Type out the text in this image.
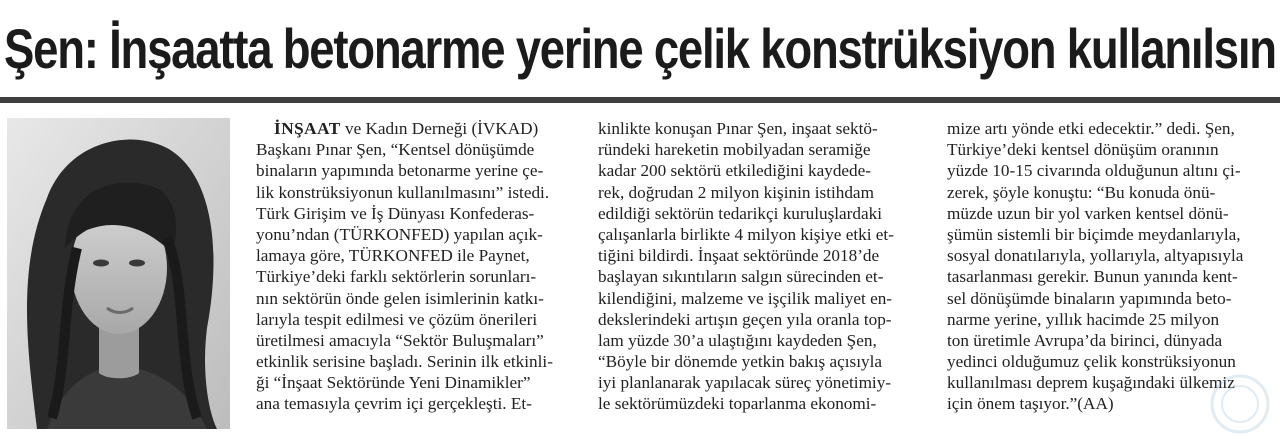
Şen: İnşaatta betonarme yerine çelik konstrüksiyon kullanılsın
İNŞAAT ve Kadın Derneği (İVKAD)
Başkanı Pınar Şen, “Kentsel dönüşümde
binaların yapımında betonarme yerine çe-
lik konstrüksiyonun kullanılmasını” istedi.
Türk Girişim ve İş Dünyası Konfederas-
yonu’ndan (TÜRKONFED) yapılan açık-
lamaya göre, TÜRKONFED ile Paynet,
Türkiye’deki farklı sektörlerin sorunları-
nın sektörün önde gelen isimlerinin katkı-
larıyla tespit edilmesi ve çözüm önerileri
üretilmesi amacıyla “Sektör Buluşmaları”
etkinlik serisine başladı. Serinin ilk etkinli-
ği “İnşaat Sektöründe Yeni Dinamikler”
ana temasıyla çevrim içi gerçekleşti. Et-
kinlikte konuşan Pınar Şen, inşaat sektö-
ründeki hareketin mobilyadan seramiğe
kadar 200 sektörü etkilediğini kaydede-
rek, doğrudan 2 milyon kişinin istihdam
edildiği sektörün tedarikçi kuruluşlardaki
çalışanlarla birlikte 4 milyon kişiye etki et-
tiğini bildirdi. İnşaat sektöründe 2018’de
başlayan sıkıntıların salgın sürecinden et-
kilendiğini, malzeme ve işçilik maliyet en-
dekslerindeki artışın geçen yıla oranla top-
lam yüzde 30’a ulaştığını kaydeden Şen,
“Böyle bir dönemde yetkin bakış açısıyla
iyi planlanarak yapılacak süreç yönetimiy-
le sektörümüzdeki toparlanma ekonomi-
mize artı yönde etki edecektir.” dedi. Şen,
Türkiye’deki kentsel dönüşüm oranının
yüzde 10-15 civarında olduğunun altını çi-
zerek, şöyle konuştu: “Bu konuda önü-
müzde uzun bir yol varken kentsel dönü-
şümün sistemli bir biçimde meydanlarıyla,
sosyal donatılarıyla, yollarıyla, altyapısıyla
tasarlanması gerekir. Bunun yanında kent-
sel dönüşümde binaların yapımında beto-
narme yerine, yıllık hacimde 25 milyon
ton üretimle Avrupa’da birinci, dünyada
yedinci olduğumuz çelik konstrüksiyonun
kullanılması deprem kuşağındaki ülkemiz
için önem taşıyor.”(AA)
